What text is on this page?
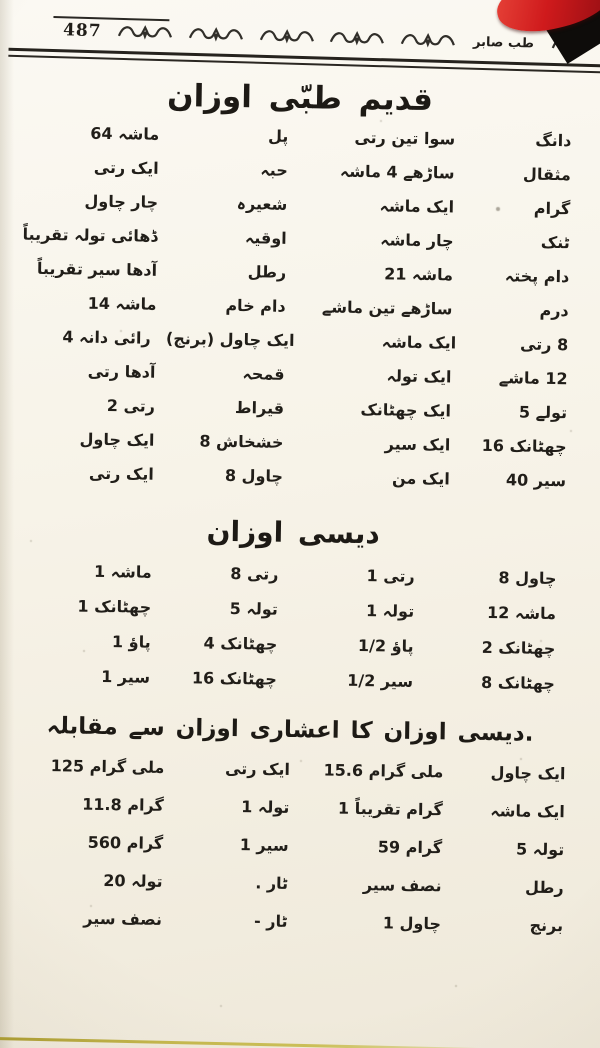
487
طب صابر
قدیم طبّی اوزان
دانگ
سوا تین رتی
پل
ماشہ 64
مثقال
ساڑھے 4 ماشہ
حبہ
ایک رتی
گرام
ایک ماشہ
شعیرہ
چار چاول
ٹنک
چار ماشہ
اوقیہ
ڈھائی تولہ تقریباً
دام پختہ
ماشہ 21
رطل
آدھا سیر تقریباً
درم
ساڑھے تین ماشے
دام خام
ماشہ 14
8 رتی
ایک ماشہ
ایک چاول (برنج)
رائی دانہ 4
12 ماشے
ایک تولہ
قمحہ
آدھا رتی
تولے 5
ایک چھٹانک
قیراط
رتی 2
چھٹانک 16
ایک سیر
خشخاش 8
ایک چاول
سیر 40
ایک من
چاول 8
ایک رتی
دیسی اوزان
چاول 8
رتی 1
رتی 8
ماشہ 1
ماشہ 12
تولہ 1
تولہ 5
چھٹانک 1
چھٹانک 2
پاؤ 1/2
چھٹانک 4
پاؤ 1
چھٹانک 8
سیر 1/2
چھٹانک 16
سیر 1
.دیسی اوزان کا اعشاری اوزان سے مقابلہ
ایک چاول
ملی گرام 15.6
ایک رتی
ملی گرام 125
ایک ماشہ
گرام تقریباً 1
تولہ 1
گرام 11.8
تولہ 5
گرام 59
سیر 1
گرام 560
رطل
نصف سیر
ٹار .
تولہ 20
برنج
چاول 1
ٹار -
نصف سیر
